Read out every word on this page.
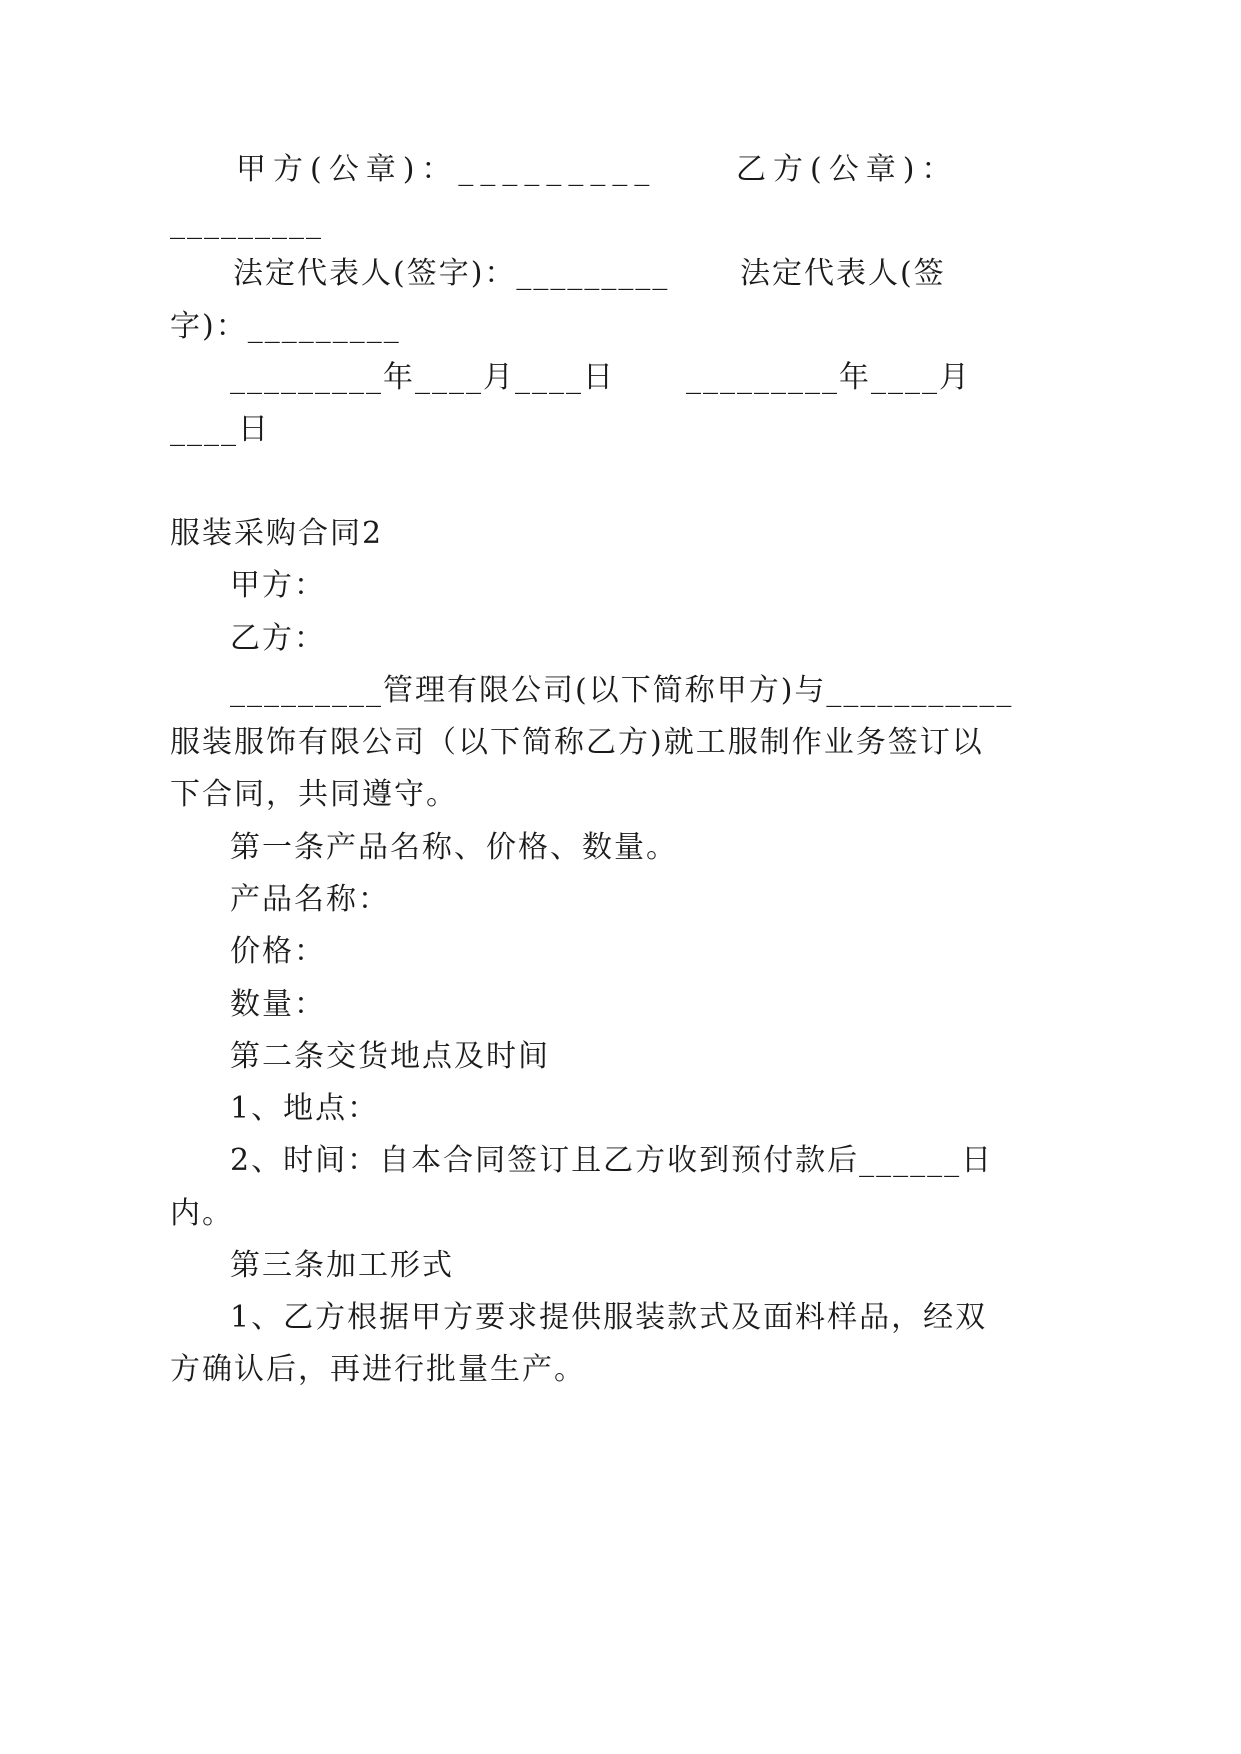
甲方(公章)：_________	乙方(公章)：
_________
法定代表人(签字)：_________ 法定代表人(签
字)：_________
_________年____月____日 _________年____月
____日
服装采购合同2
甲方：
乙方：
_________管理有限公司(以下简称甲方)与___________
服装服饰有限公司（以下简称乙方)就工服制作业务签订以
下合同，共同遵守。
第一条产品名称、价格、数量。
产品名称：
价格：
数量：
第二条交货地点及时间
1、地点：
2、时间：自本合同签订且乙方收到预付款后______日
内。
第三条加工形式
1、乙方根据甲方要求提供服装款式及面料样品，经双
方确认后，再进行批量生产。
